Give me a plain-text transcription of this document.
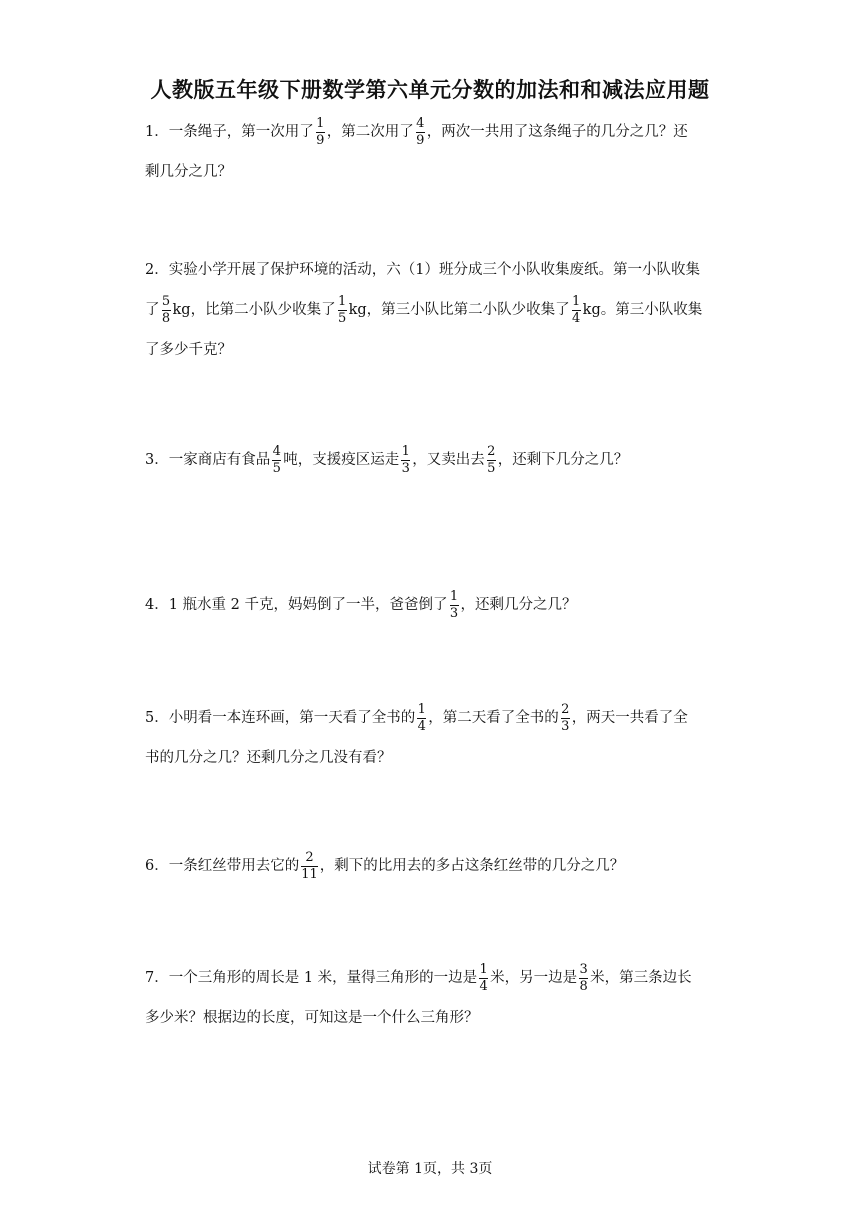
人教版五年级下册数学第六单元分数的加法和和减法应用题
1．一条绳子，第一次用了 $\frac{1}{9}$ ，第二次用了 $\frac{4}{9}$ ，两次一共用了这条绳子的几分之几？还
剩几分之几？
2．实验小学开展了保护环境的活动，六（1）班分成三个小队收集废纸。第一小队收集
了 $\frac{5}{8}$ kg，比第二小队少收集了 $\frac{1}{5}$ kg，第三小队比第二小队少收集了 $\frac{1}{4}$ kg。第三小队收集
了多少千克？
3．一家商店有食品 $\frac{4}{5}$ 吨，支援疫区运走 $\frac{1}{3}$ ，又卖出去 $\frac{2}{5}$ ，还剩下几分之几？
4．1 瓶水重 2 千克，妈妈倒了一半，爸爸倒了 $\frac{1}{3}$ ，还剩几分之几？
5．小明看一本连环画，第一天看了全书的 $\frac{1}{4}$ ，第二天看了全书的 $\frac{2}{3}$ ，两天一共看了全
书的几分之几？还剩几分之几没有看？
6．一条红丝带用去它的 $\frac{2}{11}$ ，剩下的比用去的多占这条红丝带的几分之几？
7．一个三角形的周长是 1 米，量得三角形的一边是 $\frac{1}{4}$ 米，另一边是 $\frac{3}{8}$ 米，第三条边长
多少米？根据边的长度，可知这是一个什么三角形？
试卷第 1页，共 3页
